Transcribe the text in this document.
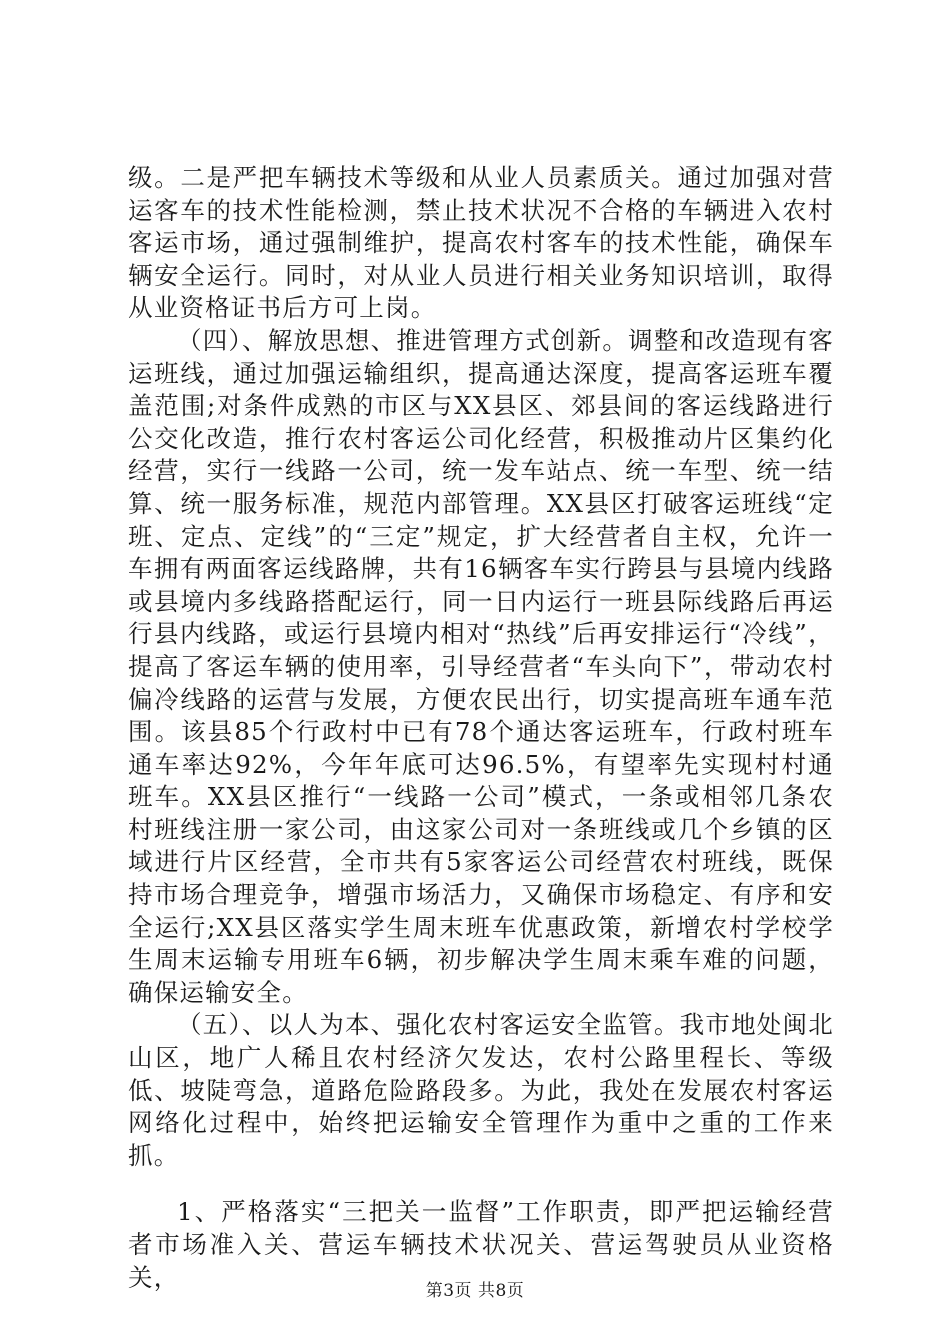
级。二是严把车辆技术等级和从业人员素质关。通过加强对营运客车的技术性能检测，禁止技术状况不合格的车辆进入农村客运市场，通过强制维护，提高农村客车的技术性能，确保车辆安全运行。同时，对从业人员进行相关业务知识培训，取得从业资格证书后方可上岗。

（四）、解放思想、推进管理方式创新。调整和改造现有客运班线，通过加强运输组织，提高通达深度，提高客运班车覆盖范围;对条件成熟的市区与XX县区、郊县间的客运线路进行公交化改造，推行农村客运公司化经营，积极推动片区集约化经营，实行一线路一公司，统一发车站点、统一车型、统一结算、统一服务标准，规范内部管理。XX县区打破客运班线“定班、定点、定线”的“三定”规定，扩大经营者自主权，允许一车拥有两面客运线路牌，共有16辆客车实行跨县与县境内线路或县境内多线路搭配运行，同一日内运行一班县际线路后再运行县内线路，或运行县境内相对“热线”后再安排运行“冷线”，提高了客运车辆的使用率，引导经营者“车头向下”，带动农村偏冷线路的运营与发展，方便农民出行，切实提高班车通车范围。该县85个行政村中已有78个通达客运班车，行政村班车通车率达92%，今年年底可达96.5%，有望率先实现村村通班车。XX县区推行“一线路一公司”模式，一条或相邻几条农村班线注册一家公司，由这家公司对一条班线或几个乡镇的区域进行片区经营，全市共有5家客运公司经营农村班线，既保持市场合理竞争，增强市场活力，又确保市场稳定、有序和安全运行;XX县区落实学生周末班车优惠政策，新增农村学校学生周末运输专用班车6辆，初步解决学生周末乘车难的问题，确保运输安全。

（五）、以人为本、强化农村客运安全监管。我市地处闽北山区，地广人稀且农村经济欠发达，农村公路里程长、等级低、坡陡弯急，道路危险路段多。为此，我处在发展农村客运网络化过程中，始终把运输安全管理作为重中之重的工作来抓。

1、严格落实“三把关一监督”工作职责，即严把运输经营者市场准入关、营运车辆技术状况关、营运驾驶员从业资格关，	第3页 共8页
